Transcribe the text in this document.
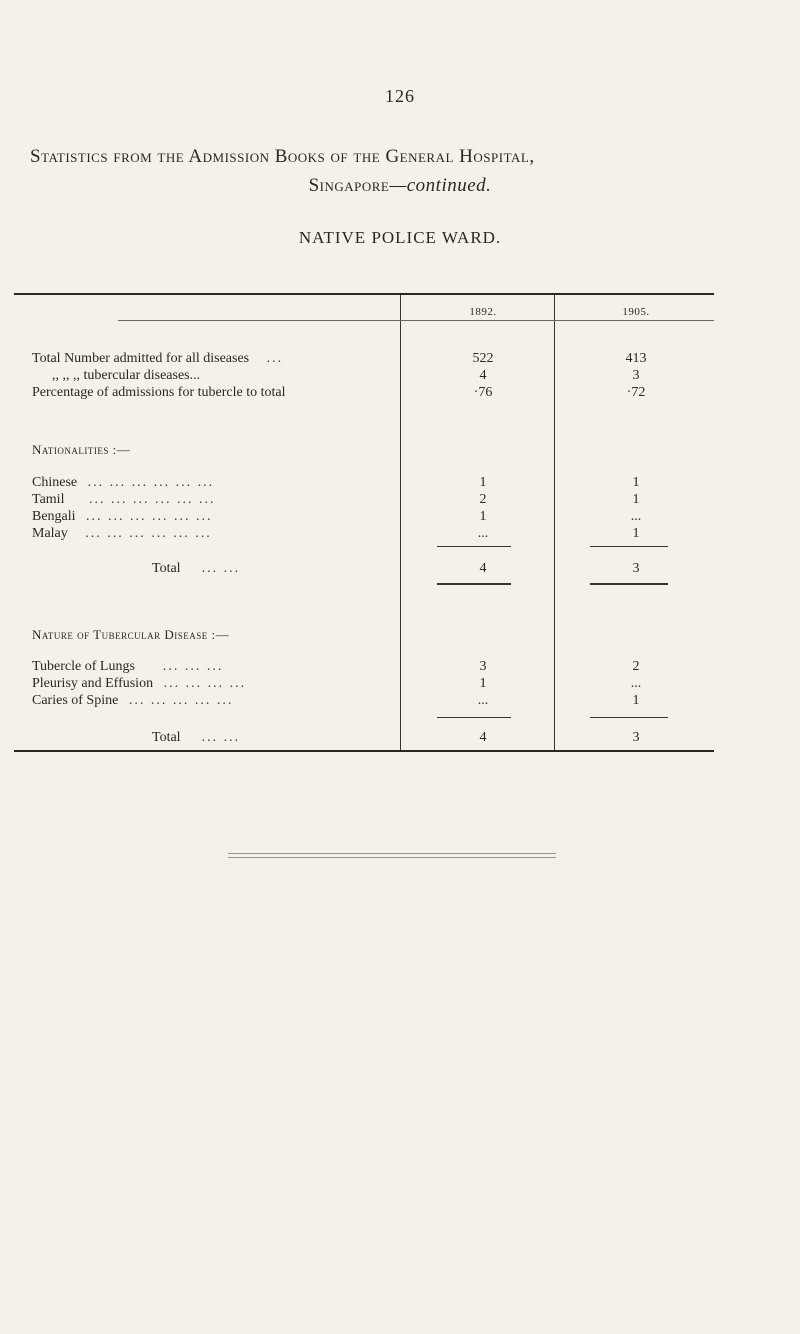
126
Statistics from the Admission Books of the General Hospital,
Singapore—continued.
NATIVE POLICE WARD.
1892.	1905.
Total Number admitted for all diseases ...	522	413
,, ,, ,, tubercular diseases...	4	3
Percentage of admissions for tubercle to total	·76	·72
Nationalities :—
Chinese ... ... ... ... ... ...	1	1
Tamil ... ... ... ... ... ...	2	1
Bengali ... ... ... ... ... ...	1	...
Malay ... ... ... ... ... ...	...	1
Total ... ...	4	3
Nature of Tubercular Disease :—
Tubercle of Lungs ... ... ...	3	2
Pleurisy and Effusion ... ... ... ...	1	...
Caries of Spine ... ... ... ... ...	...	1
Total ... ...	4	3
